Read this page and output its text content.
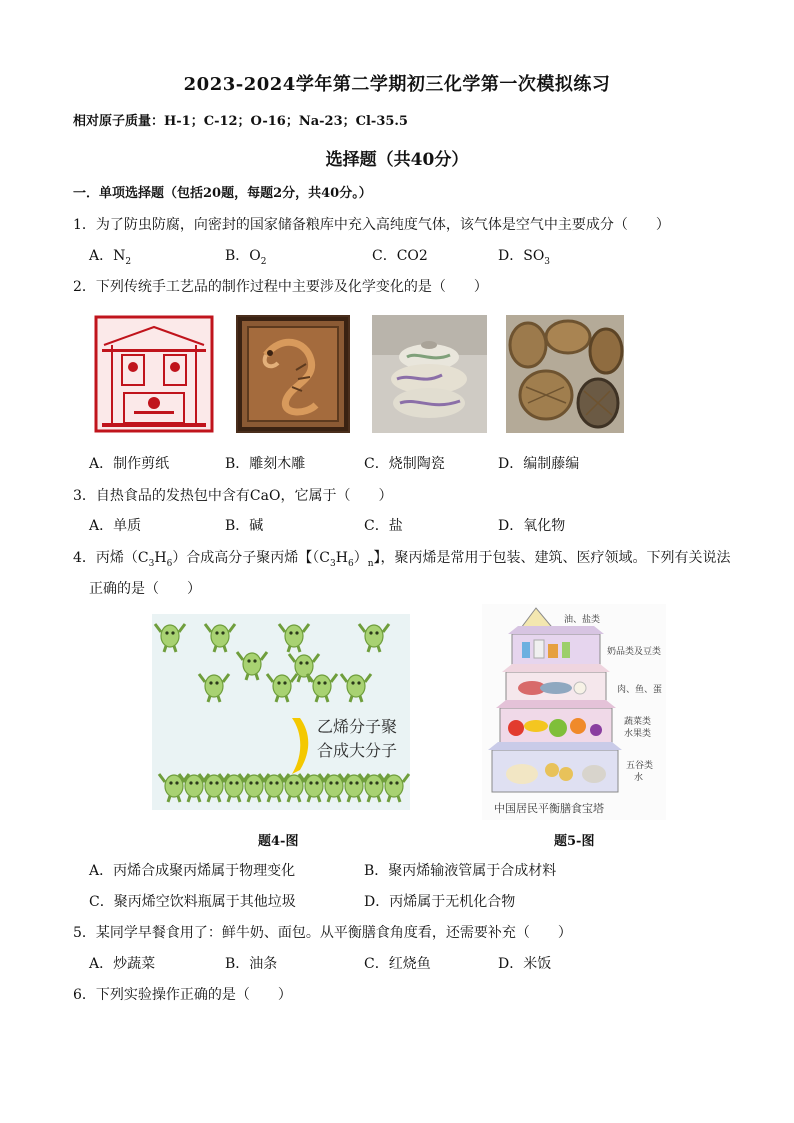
2023-2024学年第二学期初三化学第一次模拟练习
相对原子质量：H-1；C-12；O-16；Na-23；Cl-35.5
选择题（共40分）
一．单项选择题（包括20题，每题2分，共40分。）
1．为了防虫防腐，向密封的国家储备粮库中充入高纯度气体，该气体是空气中主要成分（　　）
A．$N_2$	B．$O_2$	C．CO2	D．$SO_3$
2．下列传统手工艺品的制作过程中主要涉及化学变化的是（　　）
A．制作剪纸	B．雕刻木雕	C．烧制陶瓷	D．编制藤编
3．自热食品的发热包中含有CaO，它属于（　　）
A．单质	B．碱	C．盐	D．氧化物
4．丙烯$(C_3H_6)$合成高分子聚丙烯【$(C_3H_6)_n$】，聚丙烯是常用于包装、建筑、医疗领域。下列有关说法
正确的是（　　）
乙烯分子聚
合成大分子
题4-图
油、盐类
奶品类及豆类
肉、鱼、蛋
蔬菜类
水果类
五谷类
水
中国居民平衡膳食宝塔
题5-图
A．丙烯合成聚丙烯属于物理变化	B．聚丙烯输液管属于合成材料
C．聚丙烯空饮料瓶属于其他垃圾	D．丙烯属于无机化合物
5．某同学早餐食用了：鲜牛奶、面包。从平衡膳食角度看，还需要补充（　　）
A．炒蔬菜	B．油条	C．红烧鱼	D．米饭
6．下列实验操作正确的是（　　）
